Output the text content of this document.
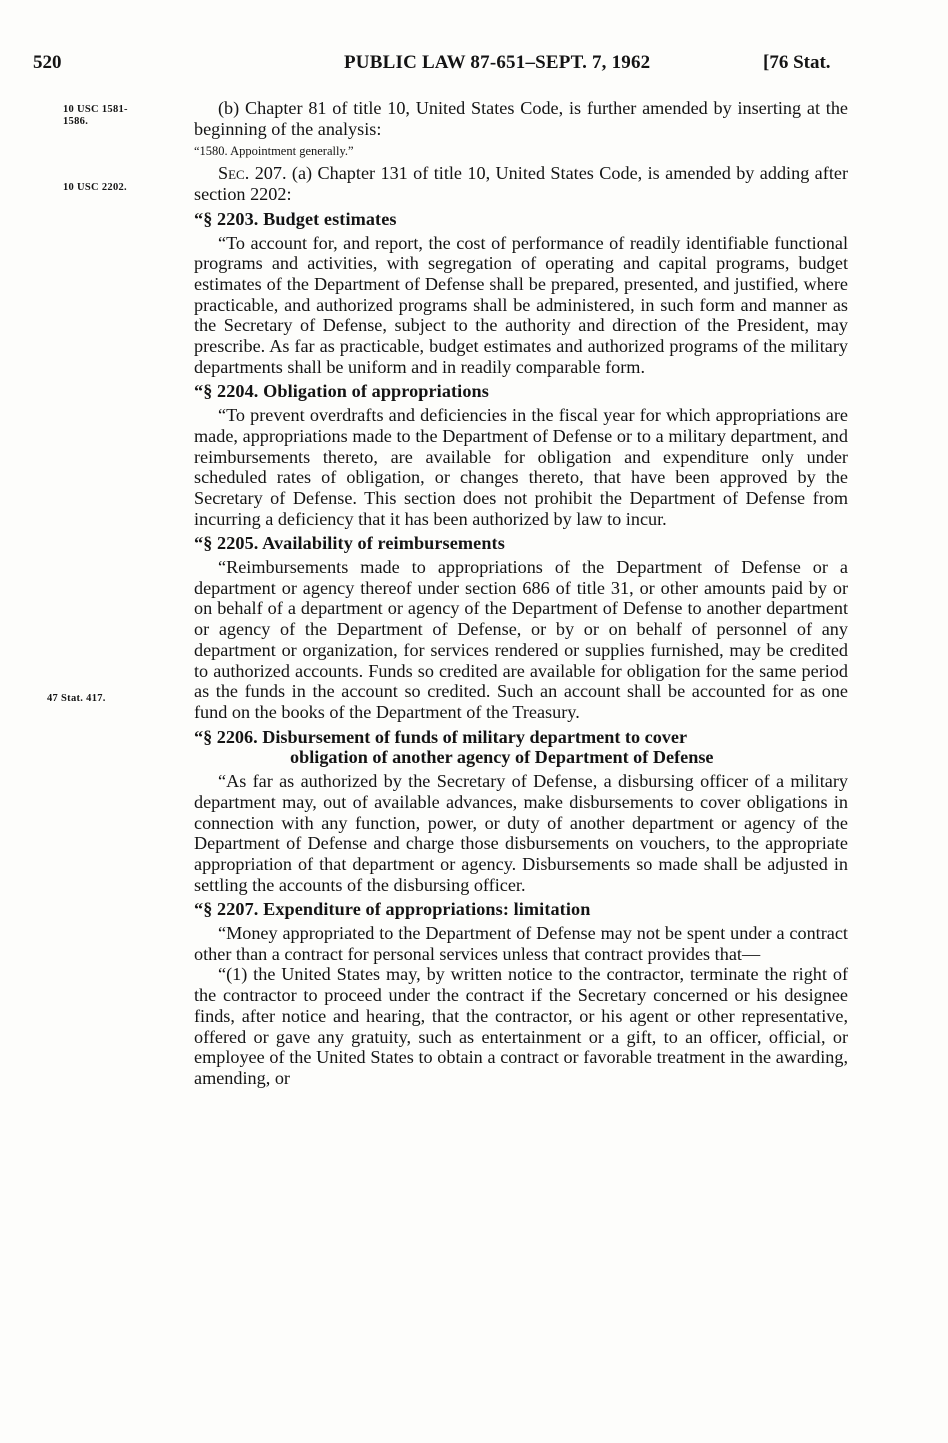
520	PUBLIC LAW 87-651–SEPT. 7, 1962	[76 Stat.
10 USC 1581-
1586.
10 USC 2202.
47 Stat. 417.

(b) Chapter 81 of title 10, United States Code, is further amended by inserting at the beginning of the analysis:

“1580. Appointment generally.”

Sec. 207. (a) Chapter 131 of title 10, United States Code, is amended by adding after section 2202:

“§ 2203. Budget estimates

“To account for, and report, the cost of performance of readily identifiable functional programs and activities, with segregation of operating and capital programs, budget estimates of the Department of Defense shall be prepared, presented, and justified, where practicable, and authorized programs shall be administered, in such form and manner as the Secretary of Defense, subject to the authority and direction of the President, may prescribe. As far as practicable, budget estimates and authorized programs of the military departments shall be uniform and in readily comparable form.

“§ 2204. Obligation of appropriations

“To prevent overdrafts and deficiencies in the fiscal year for which appropriations are made, appropriations made to the Department of Defense or to a military department, and reimbursements thereto, are available for obligation and expenditure only under scheduled rates of obligation, or changes thereto, that have been approved by the Secretary of Defense. This section does not prohibit the Department of Defense from incurring a deficiency that it has been authorized by law to incur.

“§ 2205. Availability of reimbursements

“Reimbursements made to appropriations of the Department of Defense or a department or agency thereof under section 686 of title 31, or other amounts paid by or on behalf of a department or agency of the Department of Defense to another department or agency of the Department of Defense, or by or on behalf of personnel of any department or organization, for services rendered or supplies furnished, may be credited to authorized accounts. Funds so credited are available for obligation for the same period as the funds in the account so credited. Such an account shall be accounted for as one fund on the books of the Department of the Treasury.

“§ 2206. Disbursement of funds of military department to cover
obligation of another agency of Department of Defense

“As far as authorized by the Secretary of Defense, a disbursing officer of a military department may, out of available advances, make disbursements to cover obligations in connection with any function, power, or duty of another department or agency of the Department of Defense and charge those disbursements on vouchers, to the appropriate appropriation of that department or agency. Disbursements so made shall be adjusted in settling the accounts of the disbursing officer.

“§ 2207. Expenditure of appropriations: limitation

“Money appropriated to the Department of Defense may not be spent under a contract other than a contract for personal services unless that contract provides that—

“(1) the United States may, by written notice to the contractor, terminate the right of the contractor to proceed under the contract if the Secretary concerned or his designee finds, after notice and hearing, that the contractor, or his agent or other representative, offered or gave any gratuity, such as entertainment or a gift, to an officer, official, or employee of the United States to obtain a contract or favorable treatment in the awarding, amending, or
